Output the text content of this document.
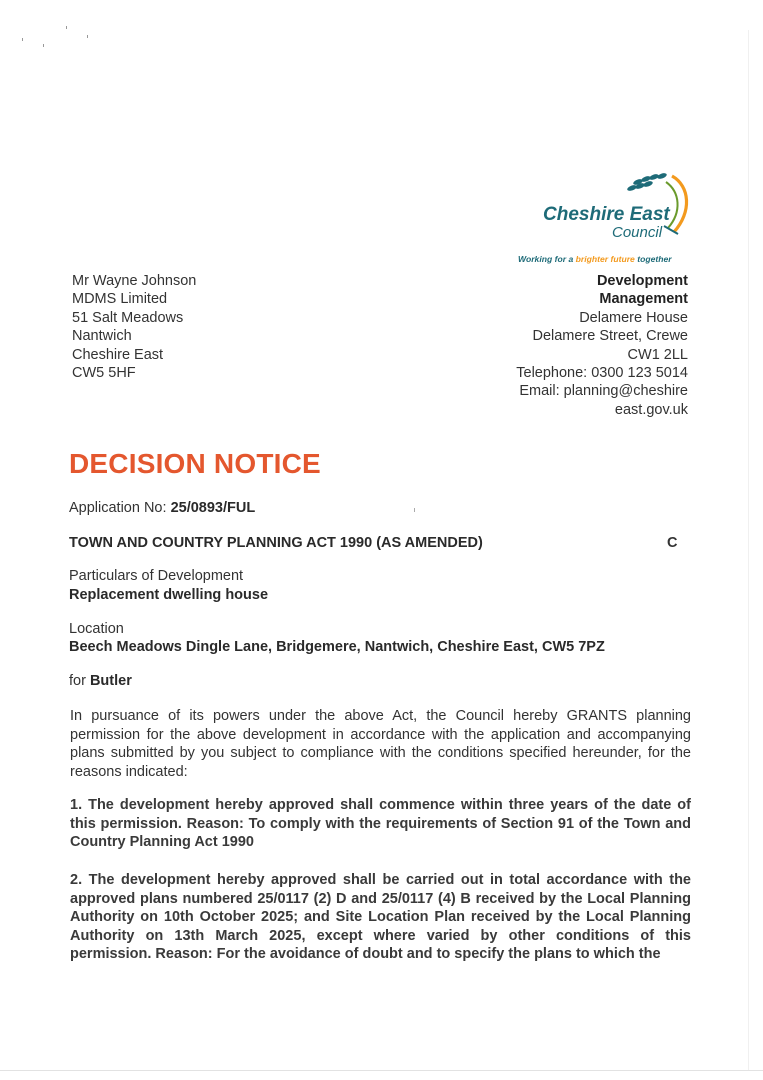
Cheshire East
Council
Working for a brighter future together
Mr Wayne Johnson
MDMS Limited
51 Salt Meadows
Nantwich
Cheshire East
CW5 5HF
Development
Management
Delamere House
Delamere Street, Crewe
CW1 2LL
Telephone: 0300 123 5014
Email: planning@cheshire
east.gov.uk
DECISION NOTICE
Application No: 25/0893/FUL
TOWN AND COUNTRY PLANNING ACT 1990 (AS AMENDED)	C
Particulars of Development
Replacement dwelling house
Location
Beech Meadows Dingle Lane, Bridgemere, Nantwich, Cheshire East, CW5 7PZ
for Butler
In pursuance of its powers under the above Act, the Council hereby GRANTS planning permission for the above development in accordance with the application and accompanying plans submitted by you subject to compliance with the conditions specified hereunder, for the reasons indicated:
1. The development hereby approved shall commence within three years of the date of this permission. Reason: To comply with the requirements of Section 91 of the Town and Country Planning Act 1990
2. The development hereby approved shall be carried out in total accordance with the approved plans numbered 25/0117 (2) D and 25/0117 (4) B received by the Local Planning Authority on 10th October 2025; and Site Location Plan received by the Local Planning Authority on 13th March 2025, except where varied by other conditions of this permission. Reason: For the avoidance of doubt and to specify the plans to which the
